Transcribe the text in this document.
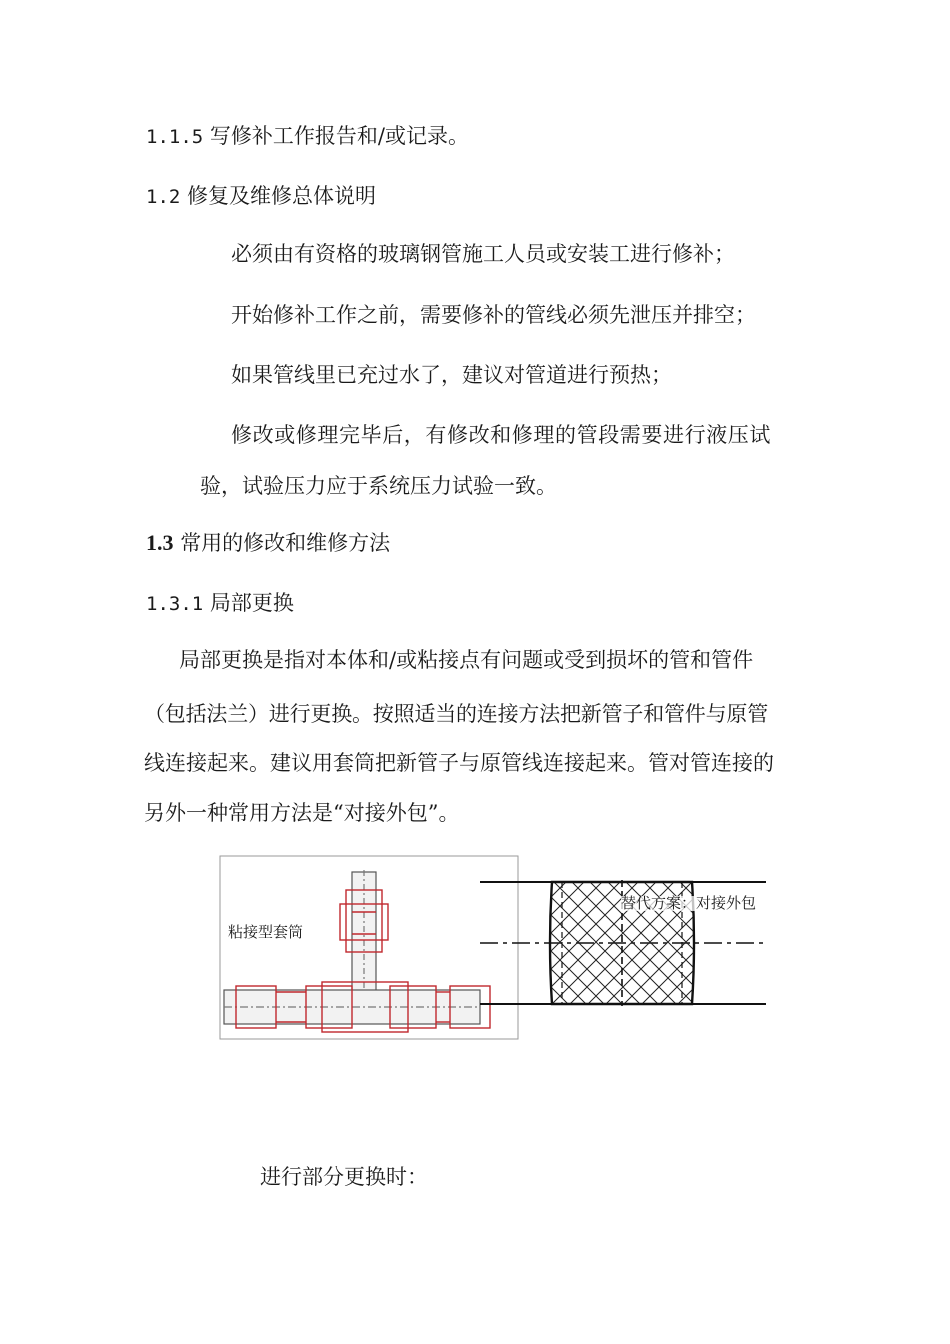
1.1.5 写修补工作报告和/或记录。
1.2 修复及维修总体说明
必须由有资格的玻璃钢管施工人员或安装工进行修补；
开始修补工作之前，需要修补的管线必须先泄压并排空；
如果管线里已充过水了，建议对管道进行预热；
修改或修理完毕后，有修改和修理的管段需要进行液压试
验，试验压力应于系统压力试验一致。
1.3 常用的修改和维修方法
1.3.1 局部更换
局部更换是指对本体和/或粘接点有问题或受到损坏的管和管件
（包括法兰）进行更换。按照适当的连接方法把新管子和管件与原管
线连接起来。建议用套筒把新管子与原管线连接起来。管对管连接的
另外一种常用方法是“对接外包”。
粘接型套筒
替代方案：对接外包
进行部分更换时：
